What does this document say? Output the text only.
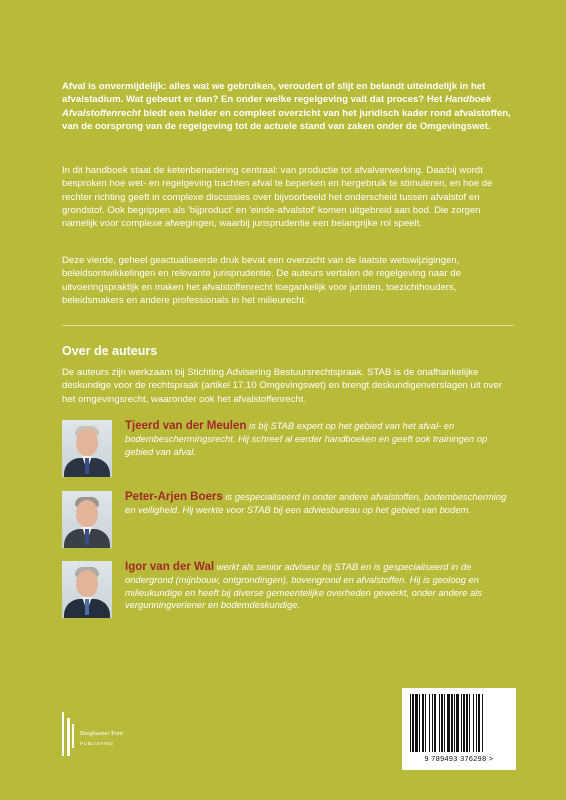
Afval is onvermijdelijk: alles wat we gebruiken, veroudert of slijt en belandt uiteindelijk in het afvalstadium. Wat gebeurt er dan? En onder welke regelgeving valt dat proces? Het Handboek Afvalstoffenrecht biedt een helder en compleet overzicht van het juridisch kader rond afvalstoffen, van de oorsprong van de regelgeving tot de actuele stand van zaken onder de Omgevingswet.

In dit handboek staat de ketenbenadering centraal: van productie tot afvalverwerking. Daarbij wordt besproken hoe wet- en regelgeving trachten afval te beperken en hergebruik te stimuleren, en hoe de rechter richting geeft in complexe discussies over bijvoorbeeld het onderscheid tussen afvalstof en grondstof. Ook begrippen als 'bijproduct' en 'einde-afvalstof' komen uitgebreid aan bod. Die zorgen namelijk voor complexe afwegingen, waarbij jurisprudentie een belangrijke rol speelt.

Deze vierde, geheel geactualiseerde druk bevat een overzicht van de laatste wetswijzigingen, beleidsontwikkelingen en relevante jurisprudentie. De auteurs vertalen de regelgeving naar de uitvoeringspraktijk en maken het afvalstoffenrecht toegankelijk voor juristen, toezichthouders, beleidsmakers en andere professionals in het milieurecht.

Over de auteurs

De auteurs zijn werkzaam bij Stichting Advisering Bestuursrechtspraak. STAB is de onafhankelijke deskundige voor de rechtspraak (artikel 17.10 Omgevingswet) en brengt deskundigenverslagen uit over het omgevingsrecht, waaronder ook het afvalstoffenrecht.

Tjeerd van der Meulen is bij STAB expert op het gebied van het afval- en bodembeschermingsrecht. Hij schreef al eerder handboeken en geeft ook trainingen op gebied van afval.

Peter-Arjen Boers is gespecialiseerd in onder andere afvalstoffen, bodembescherming en veiligheid. Hij werkte voor STAB bij een adviesbureau op het gebied van bodem.

Igor van der Wal werkt als senior adviseur bij STAB en is gespecialiseerd in de ondergrond (mijnbouw, ontgrondingen), bovengrond en afvalstoffen. Hij is geoloog en milieukundige en heeft bij diverse gemeentelijke overheden gewerkt, onder andere als vergunningverlener en bodemdeskundige.

Berghauser Pont
PUBLISHING
9 789493 376298 >
